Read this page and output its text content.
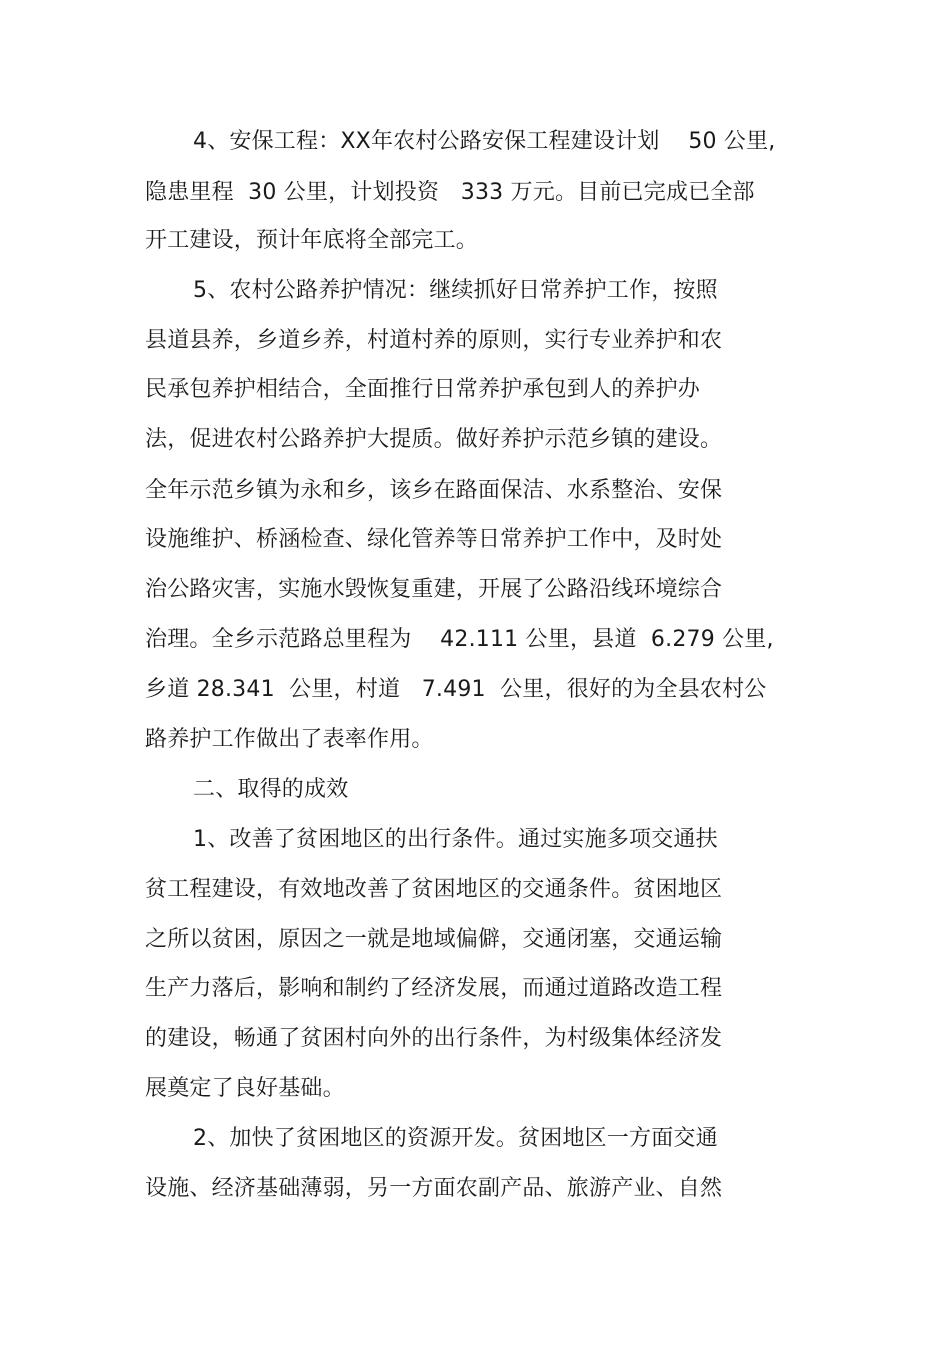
4、安保工程：XX年农村公路安保工程建设计划    50 公里,
隐患里程  30 公里，计划投资   333 万元。目前已完成已全部
开工建设，预计年底将全部完工。
5、农村公路养护情况：继续抓好日常养护工作，按照
县道县养，乡道乡养，村道村养的原则，实行专业养护和农
民承包养护相结合，全面推行日常养护承包到人的养护办
法，促进农村公路养护大提质。做好养护示范乡镇的建设。
全年示范乡镇为永和乡，该乡在路面保洁、水系整治、安保
设施维护、桥涵检查、绿化管养等日常养护工作中，及时处
治公路灾害，实施水毁恢复重建，开展了公路沿线环境综合
治理。全乡示范路总里程为    42.111 公里，县道  6.279 公里,
乡道 28.341  公里，村道   7.491  公里，很好的为全县农村公
路养护工作做出了表率作用。
二、取得的成效
1、改善了贫困地区的出行条件。通过实施多项交通扶
贫工程建设，有效地改善了贫困地区的交通条件。贫困地区
之所以贫困，原因之一就是地域偏僻，交通闭塞，交通运输
生产力落后，影响和制约了经济发展，而通过道路改造工程
的建设，畅通了贫困村向外的出行条件，为村级集体经济发
展奠定了良好基础。
2、加快了贫困地区的资源开发。贫困地区一方面交通
设施、经济基础薄弱，另一方面农副产品、旅游产业、自然
